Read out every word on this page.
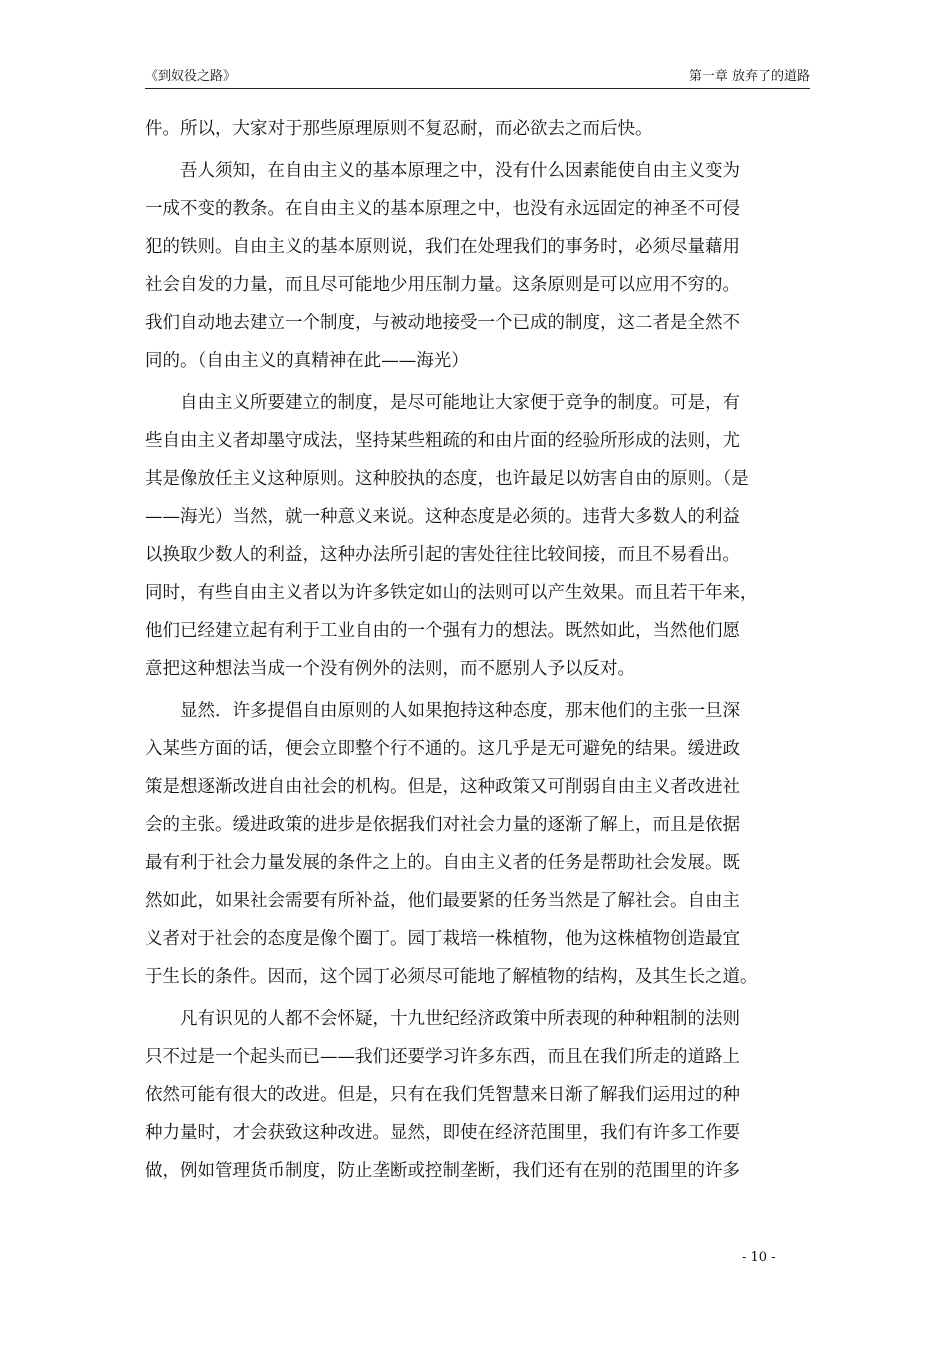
《到奴役之路》	第一章 放弃了的道路
件。所以，大家对于那些原理原则不复忍耐，而必欲去之而后快。
　　吾人须知，在自由主义的基本原理之中，没有什么因素能使自由主义变为
一成不变的教条。在自由主义的基本原理之中，也没有永远固定的神圣不可侵
犯的铁则。自由主义的基本原则说，我们在处理我们的事务时，必须尽量藉用
社会自发的力量，而且尽可能地少用压制力量。这条原则是可以应用不穷的。
我们自动地去建立一个制度，与被动地接受一个已成的制度，这二者是全然不
同的。（自由主义的真精神在此——海光）
　　自由主义所要建立的制度，是尽可能地让大家便于竞争的制度。可是，有
些自由主义者却墨守成法，坚持某些粗疏的和由片面的经验所形成的法则，尤
其是像放任主义这种原则。这种胶执的态度，也许最足以妨害自由的原则。（是
——海光）当然，就一种意义来说。这种态度是必须的。违背大多数人的利益
以换取少数人的利益，这种办法所引起的害处往往比较间接，而且不易看出。
同时，有些自由主义者以为许多铁定如山的法则可以产生效果。而且若干年来，
他们已经建立起有利于工业自由的一个强有力的想法。既然如此，当然他们愿
意把这种想法当成一个没有例外的法则，而不愿别人予以反对。
　　显然．许多提倡自由原则的人如果抱持这种态度，那末他们的主张一旦深
入某些方面的话，便会立即整个行不通的。这几乎是无可避免的结果。缓进政
策是想逐渐改进自由社会的机构。但是，这种政策又可削弱自由主义者改进社
会的主张。缓进政策的进步是依据我们对社会力量的逐渐了解上，而且是依据
最有利于社会力量发展的条件之上的。自由主义者的任务是帮助社会发展。既
然如此，如果社会需要有所补益，他们最要紧的任务当然是了解社会。自由主
义者对于社会的态度是像个圈丁。园丁栽培一株植物，他为这株植物创造最宜
于生长的条件。因而，这个园丁必须尽可能地了解植物的结构，及其生长之道。
　　凡有识见的人都不会怀疑，十九世纪经济政策中所表现的种种粗制的法则
只不过是一个起头而已——我们还要学习许多东西，而且在我们所走的道路上
依然可能有很大的改进。但是，只有在我们凭智慧来日渐了解我们运用过的种
种力量时，才会获致这种改进。显然，即使在经济范围里，我们有许多工作要
做，例如管理货币制度，防止垄断或控制垄断，我们还有在别的范围里的许多
- 10 -
